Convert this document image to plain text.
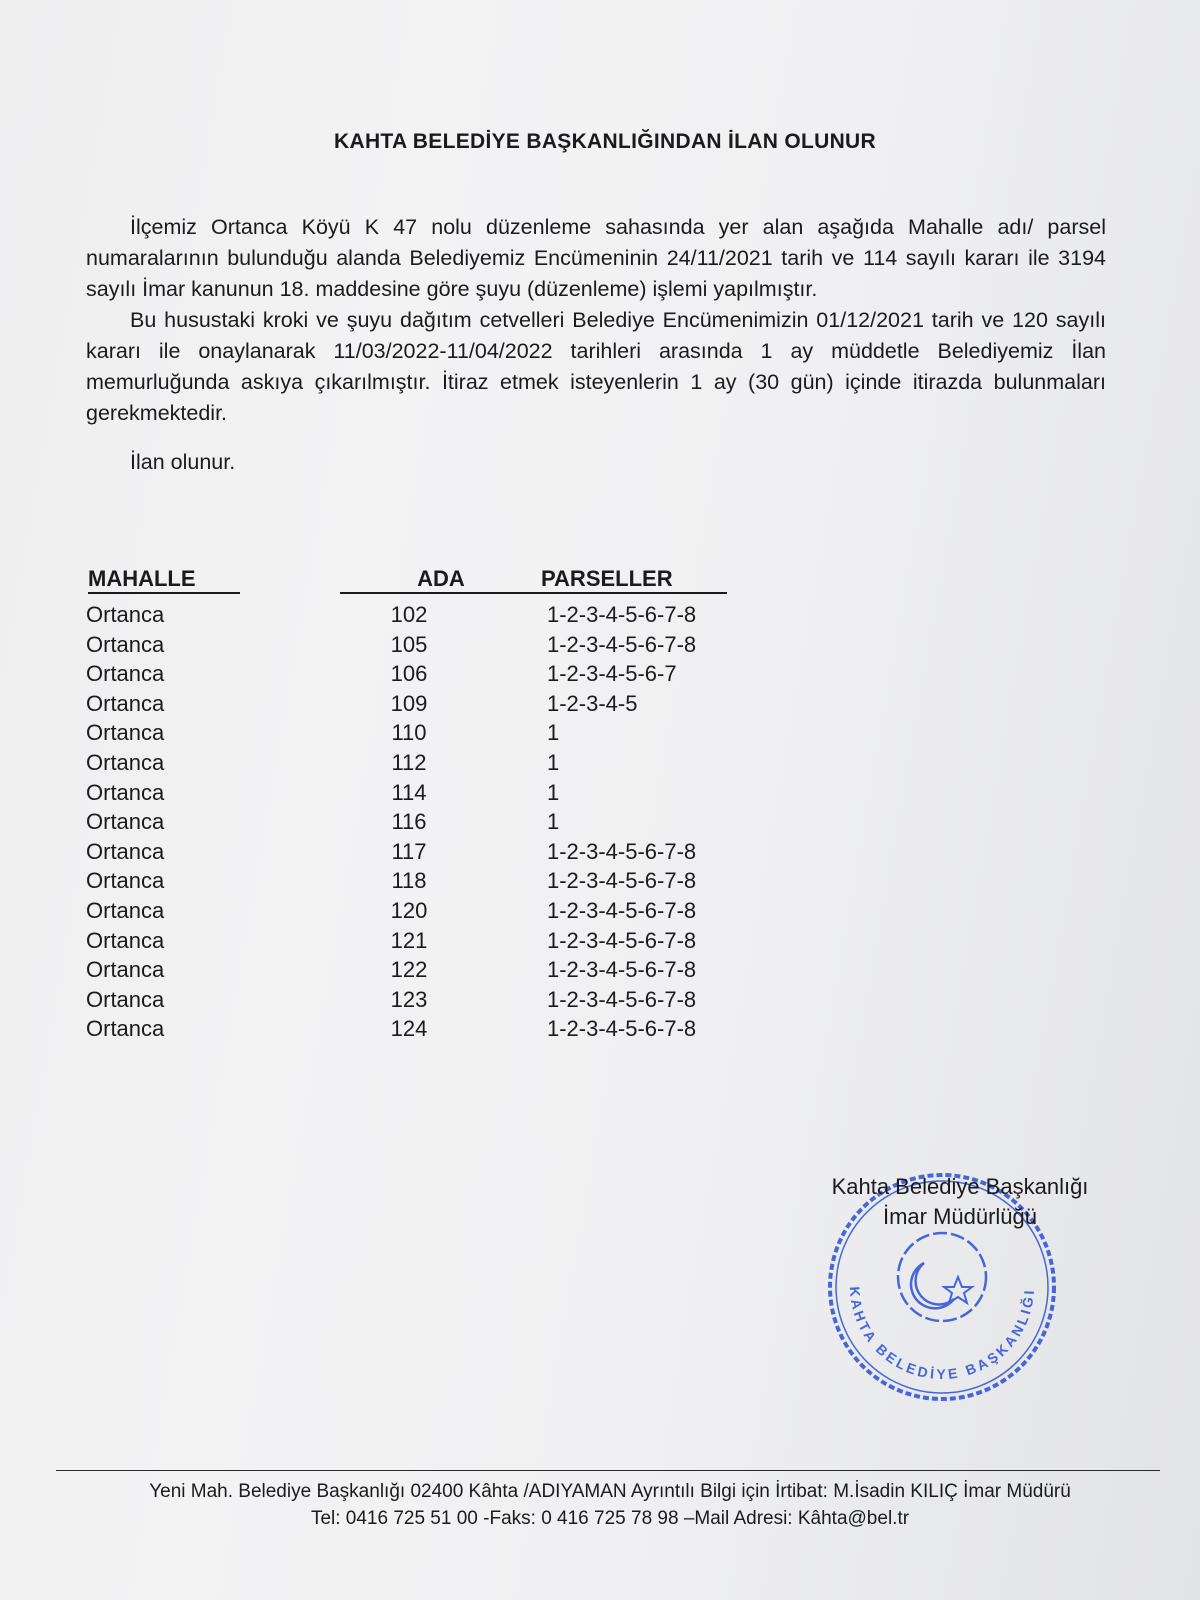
KAHTA BELEDİYE BAŞKANLIĞINDAN İLAN OLUNUR

İlçemiz Ortanca Köyü K 47 nolu düzenleme sahasında yer alan aşağıda Mahalle adı/ parsel numaralarının bulunduğu alanda Belediyemiz Encümeninin 24/11/2021 tarih ve 114 sayılı kararı ile 3194 sayılı İmar kanunun 18. maddesine göre şuyu (düzenleme) işlemi yapılmıştır.

Bu husustaki kroki ve şuyu dağıtım cetvelleri Belediye Encümenimizin 01/12/2021 tarih ve 120 sayılı kararı ile onaylanarak 11/03/2022-11/04/2022 tarihleri arasında 1 ay müddetle Belediyemiz İlan memurluğunda askıya çıkarılmıştır. İtiraz etmek isteyenlerin 1 ay (30 gün) içinde itirazda bulunmaları gerekmektedir.

İlan olunur.

MAHALLE	ADA	PARSELLER
Ortanca	102	1-2-3-4-5-6-7-8
Ortanca	105	1-2-3-4-5-6-7-8
Ortanca	106	1-2-3-4-5-6-7
Ortanca	109	1-2-3-4-5
Ortanca	110	1
Ortanca	112	1
Ortanca	114	1
Ortanca	116	1
Ortanca	117	1-2-3-4-5-6-7-8
Ortanca	118	1-2-3-4-5-6-7-8
Ortanca	120	1-2-3-4-5-6-7-8
Ortanca	121	1-2-3-4-5-6-7-8
Ortanca	122	1-2-3-4-5-6-7-8
Ortanca	123	1-2-3-4-5-6-7-8
Ortanca	124	1-2-3-4-5-6-7-8
KAHTA BELEDİYE BAŞKANLIĞI
Kahta Belediye Başkanlığı
İmar Müdürlüğü
Yeni Mah. Belediye Başkanlığı 02400 Kâhta /ADIYAMAN Ayrıntılı Bilgi için İrtibat: M.İsadin KILIÇ İmar Müdürü
Tel: 0416 725 51 00 -Faks: 0 416 725 78 98 –Mail Adresi: Kâhta@bel.tr
